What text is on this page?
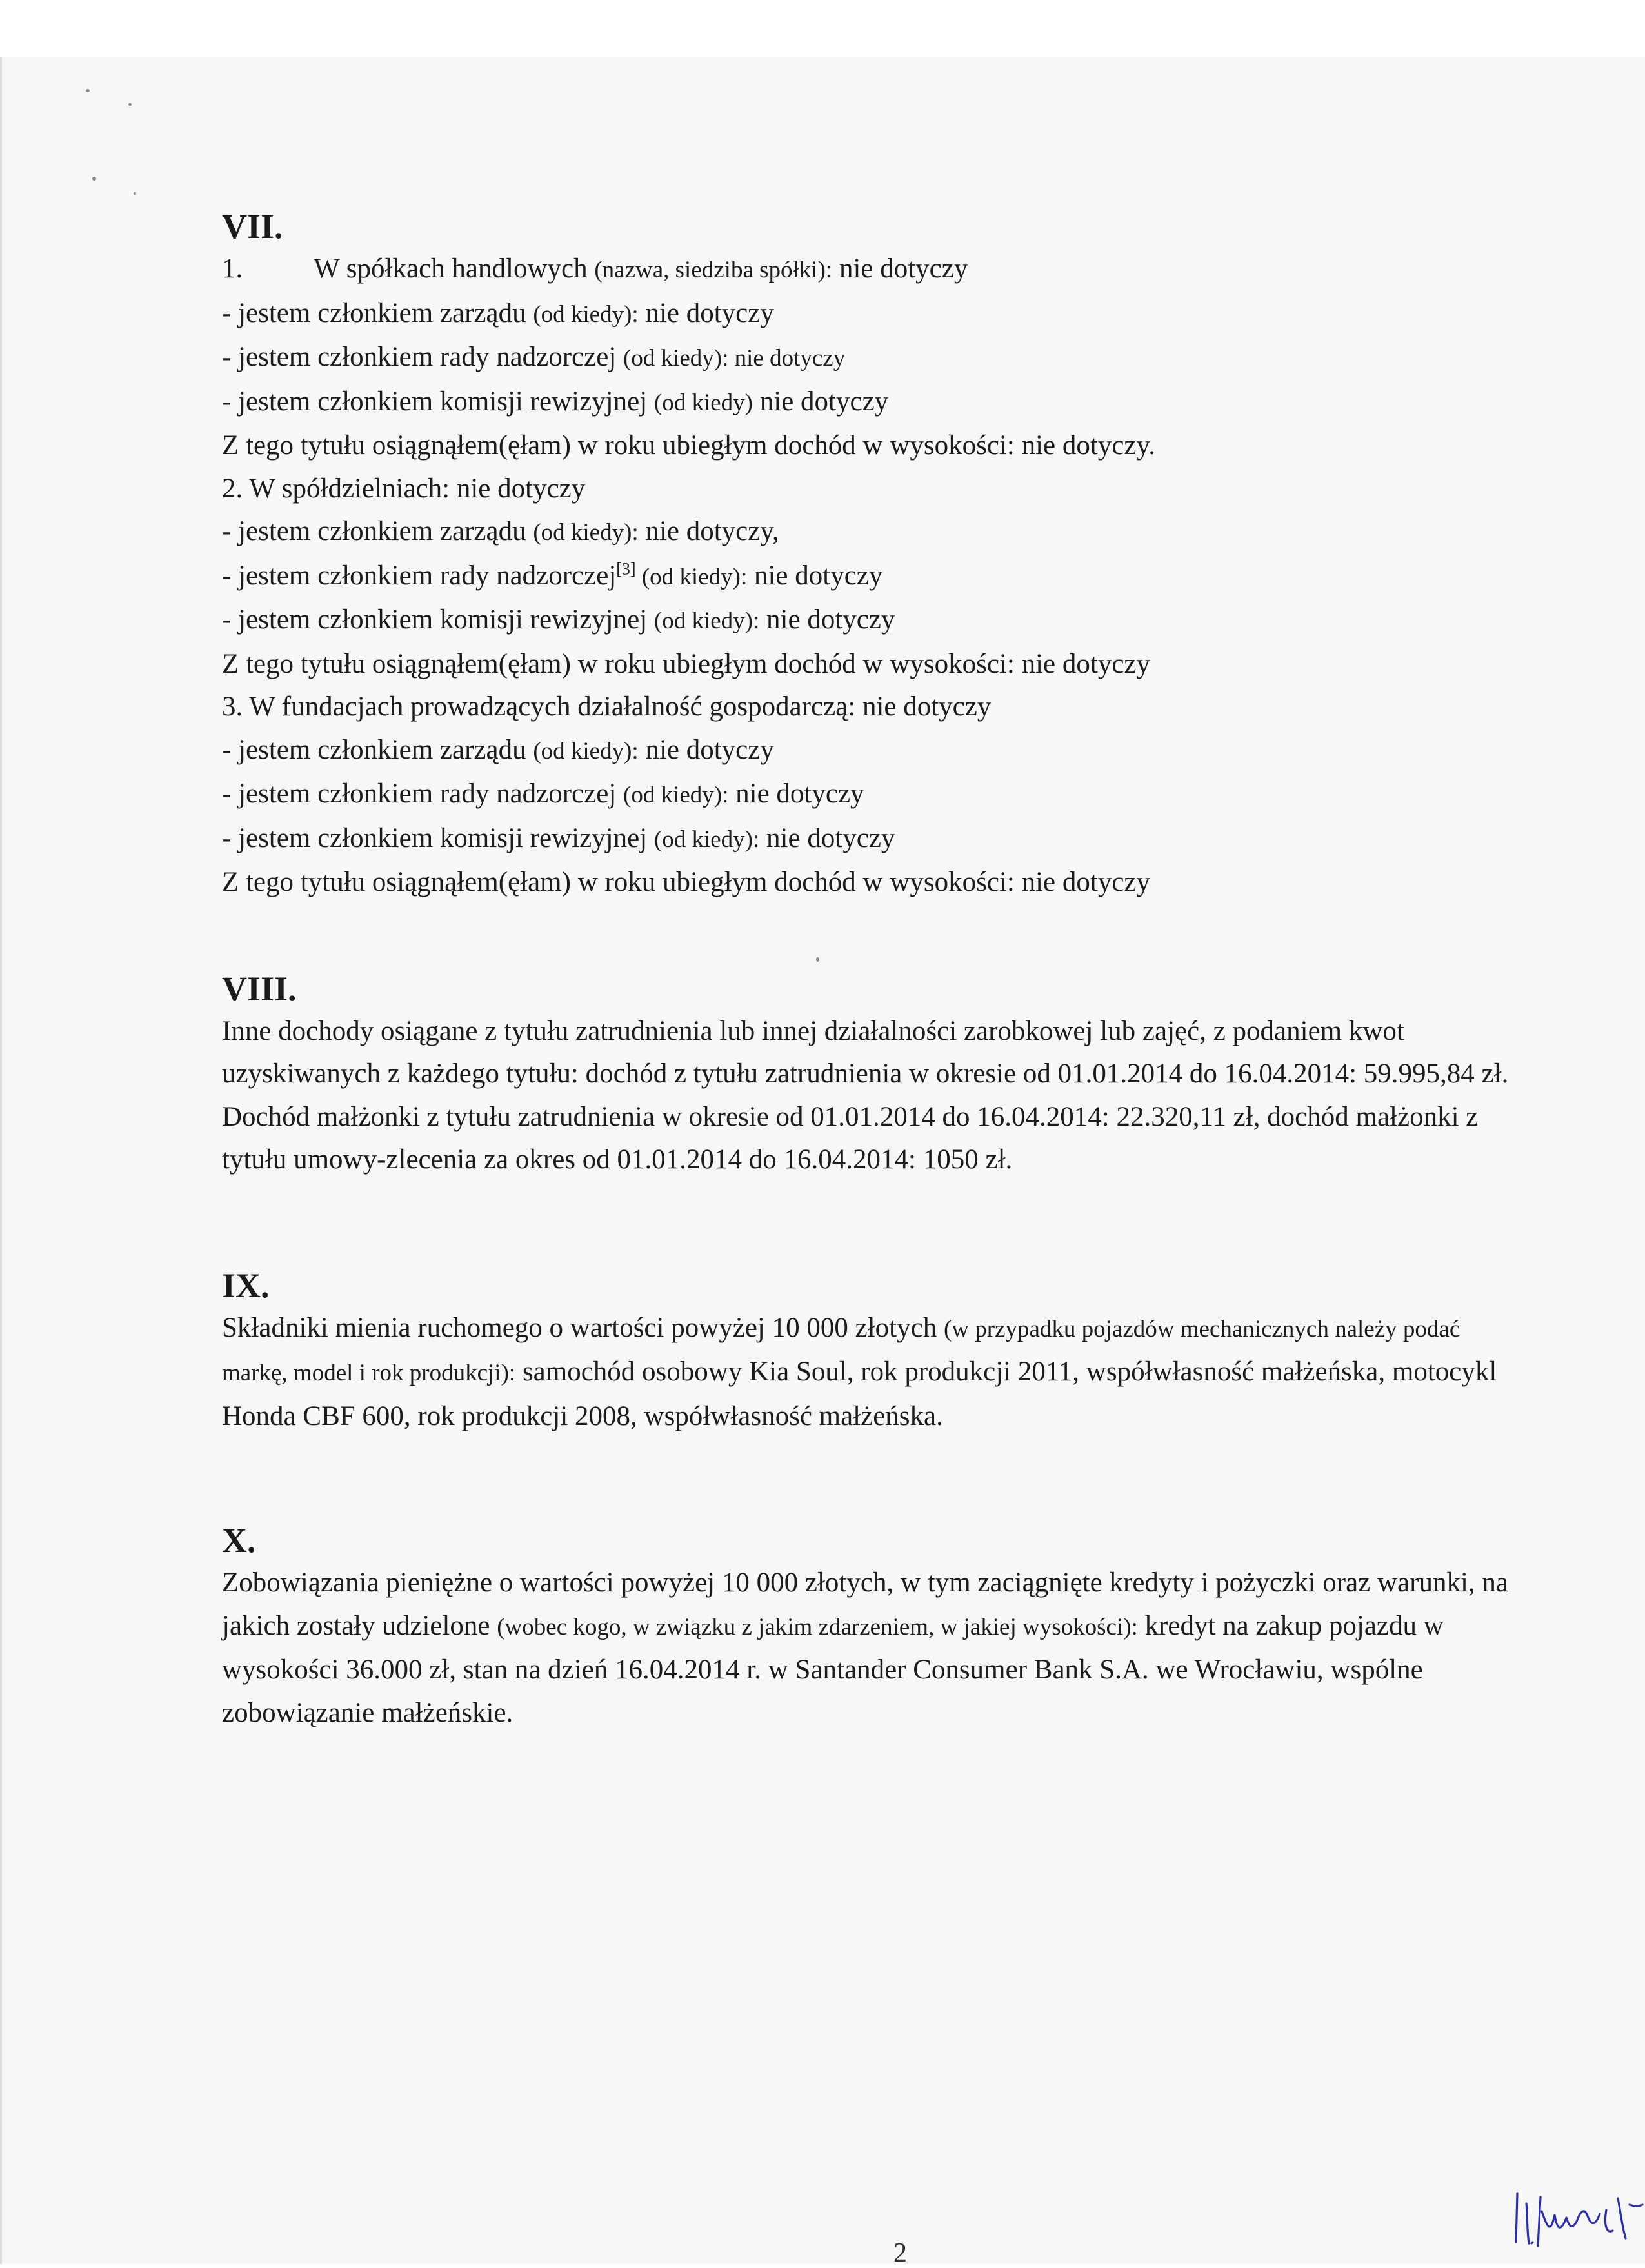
VII.
1.	W spółkach handlowych (nazwa, siedziba spółki): nie dotyczy
- jestem członkiem zarządu (od kiedy): nie dotyczy
- jestem członkiem rady nadzorczej (od kiedy): nie dotyczy
- jestem członkiem komisji rewizyjnej (od kiedy) nie dotyczy
Z tego tytułu osiągnąłem(ęłam) w roku ubiegłym dochód w wysokości: nie dotyczy.
2. W spółdzielniach: nie dotyczy
- jestem członkiem zarządu (od kiedy): nie dotyczy,
- jestem członkiem rady nadzorczej[3] (od kiedy): nie dotyczy
- jestem członkiem komisji rewizyjnej (od kiedy): nie dotyczy
Z tego tytułu osiągnąłem(ęłam) w roku ubiegłym dochód w wysokości: nie dotyczy
3. W fundacjach prowadzących działalność gospodarczą: nie dotyczy
- jestem członkiem zarządu (od kiedy): nie dotyczy
- jestem członkiem rady nadzorczej (od kiedy): nie dotyczy
- jestem członkiem komisji rewizyjnej (od kiedy): nie dotyczy
Z tego tytułu osiągnąłem(ęłam) w roku ubiegłym dochód w wysokości: nie dotyczy
VIII.
Inne dochody osiągane z tytułu zatrudnienia lub innej działalności zarobkowej lub zajęć, z podaniem kwot uzyskiwanych z każdego tytułu: dochód z tytułu zatrudnienia w okresie od 01.01.2014 do 16.04.2014: 59.995,84 zł.
Dochód małżonki z tytułu zatrudnienia w okresie od 01.01.2014 do 16.04.2014: 22.320,11 zł, dochód małżonki z tytułu umowy-zlecenia za okres od 01.01.2014 do 16.04.2014: 1050 zł.
IX.
Składniki mienia ruchomego o wartości powyżej 10 000 złotych (w przypadku pojazdów mechanicznych należy podać markę, model i rok produkcji): samochód osobowy Kia Soul, rok produkcji 2011, współwłasność małżeńska, motocykl Honda CBF 600, rok produkcji 2008, współwłasność małżeńska.
X.
Zobowiązania pieniężne o wartości powyżej 10 000 złotych, w tym zaciągnięte kredyty i pożyczki oraz warunki, na jakich zostały udzielone (wobec kogo, w związku z jakim zdarzeniem, w jakiej wysokości): kredyt na zakup pojazdu w wysokości 36.000 zł, stan na dzień 16.04.2014 r. w Santander Consumer Bank S.A. we Wrocławiu, wspólne zobowiązanie małżeńskie.
2
